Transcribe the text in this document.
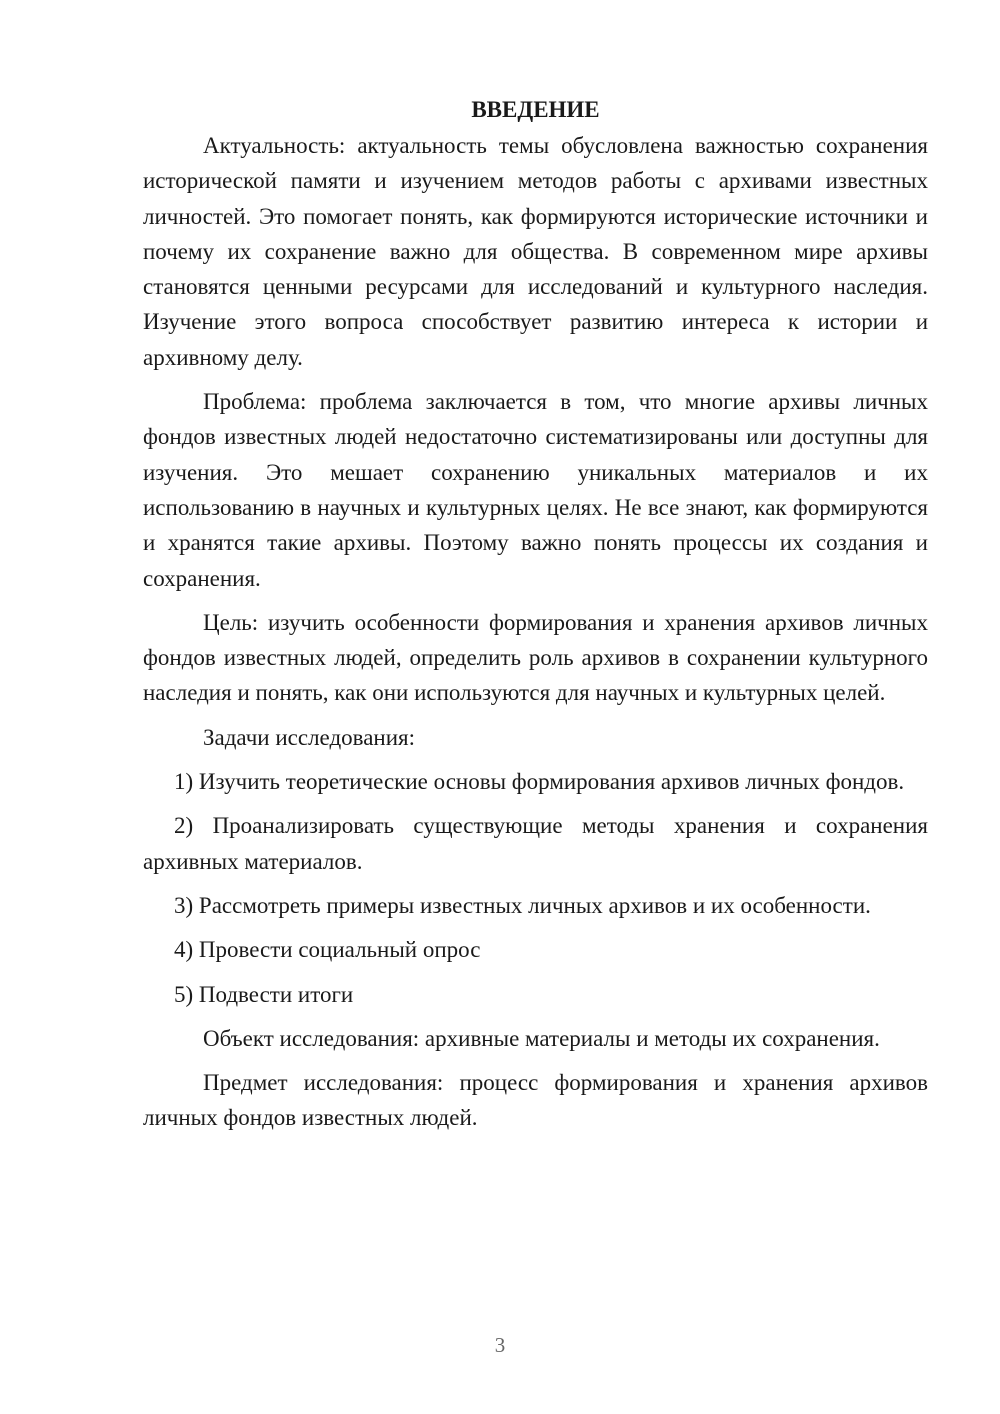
ВВЕДЕНИЕ

Актуальность: актуальность темы обусловлена важностью сохранения исторической памяти и изучением методов работы с архивами известных личностей. Это помогает понять, как формируются исторические источники и почему их сохранение важно для общества. В современном мире архивы становятся ценными ресурсами для исследований и культурного наследия. Изучение этого вопроса способствует развитию интереса к истории и архивному делу.

Проблема: проблема заключается в том, что многие архивы личных фондов известных людей недостаточно систематизированы или доступны для изучения. Это мешает сохранению уникальных материалов и их использованию в научных и культурных целях. Не все знают, как формируются и хранятся такие архивы. Поэтому важно понять процессы их создания и сохранения.

Цель: изучить особенности формирования и хранения архивов личных фондов известных людей, определить роль архивов в сохранении культурного наследия и понять, как они используются для научных и культурных целей.

Задачи исследования:

1) Изучить теоретические основы формирования архивов личных фондов.

2) Проанализировать существующие методы хранения и сохранения архивных материалов.

3) Рассмотреть примеры известных личных архивов и их особенности.

4) Провести социальный опрос

5) Подвести итоги

Объект исследования: архивные материалы и методы их сохранения.

Предмет исследования: процесс формирования и хранения архивов личных фондов известных людей.

3
